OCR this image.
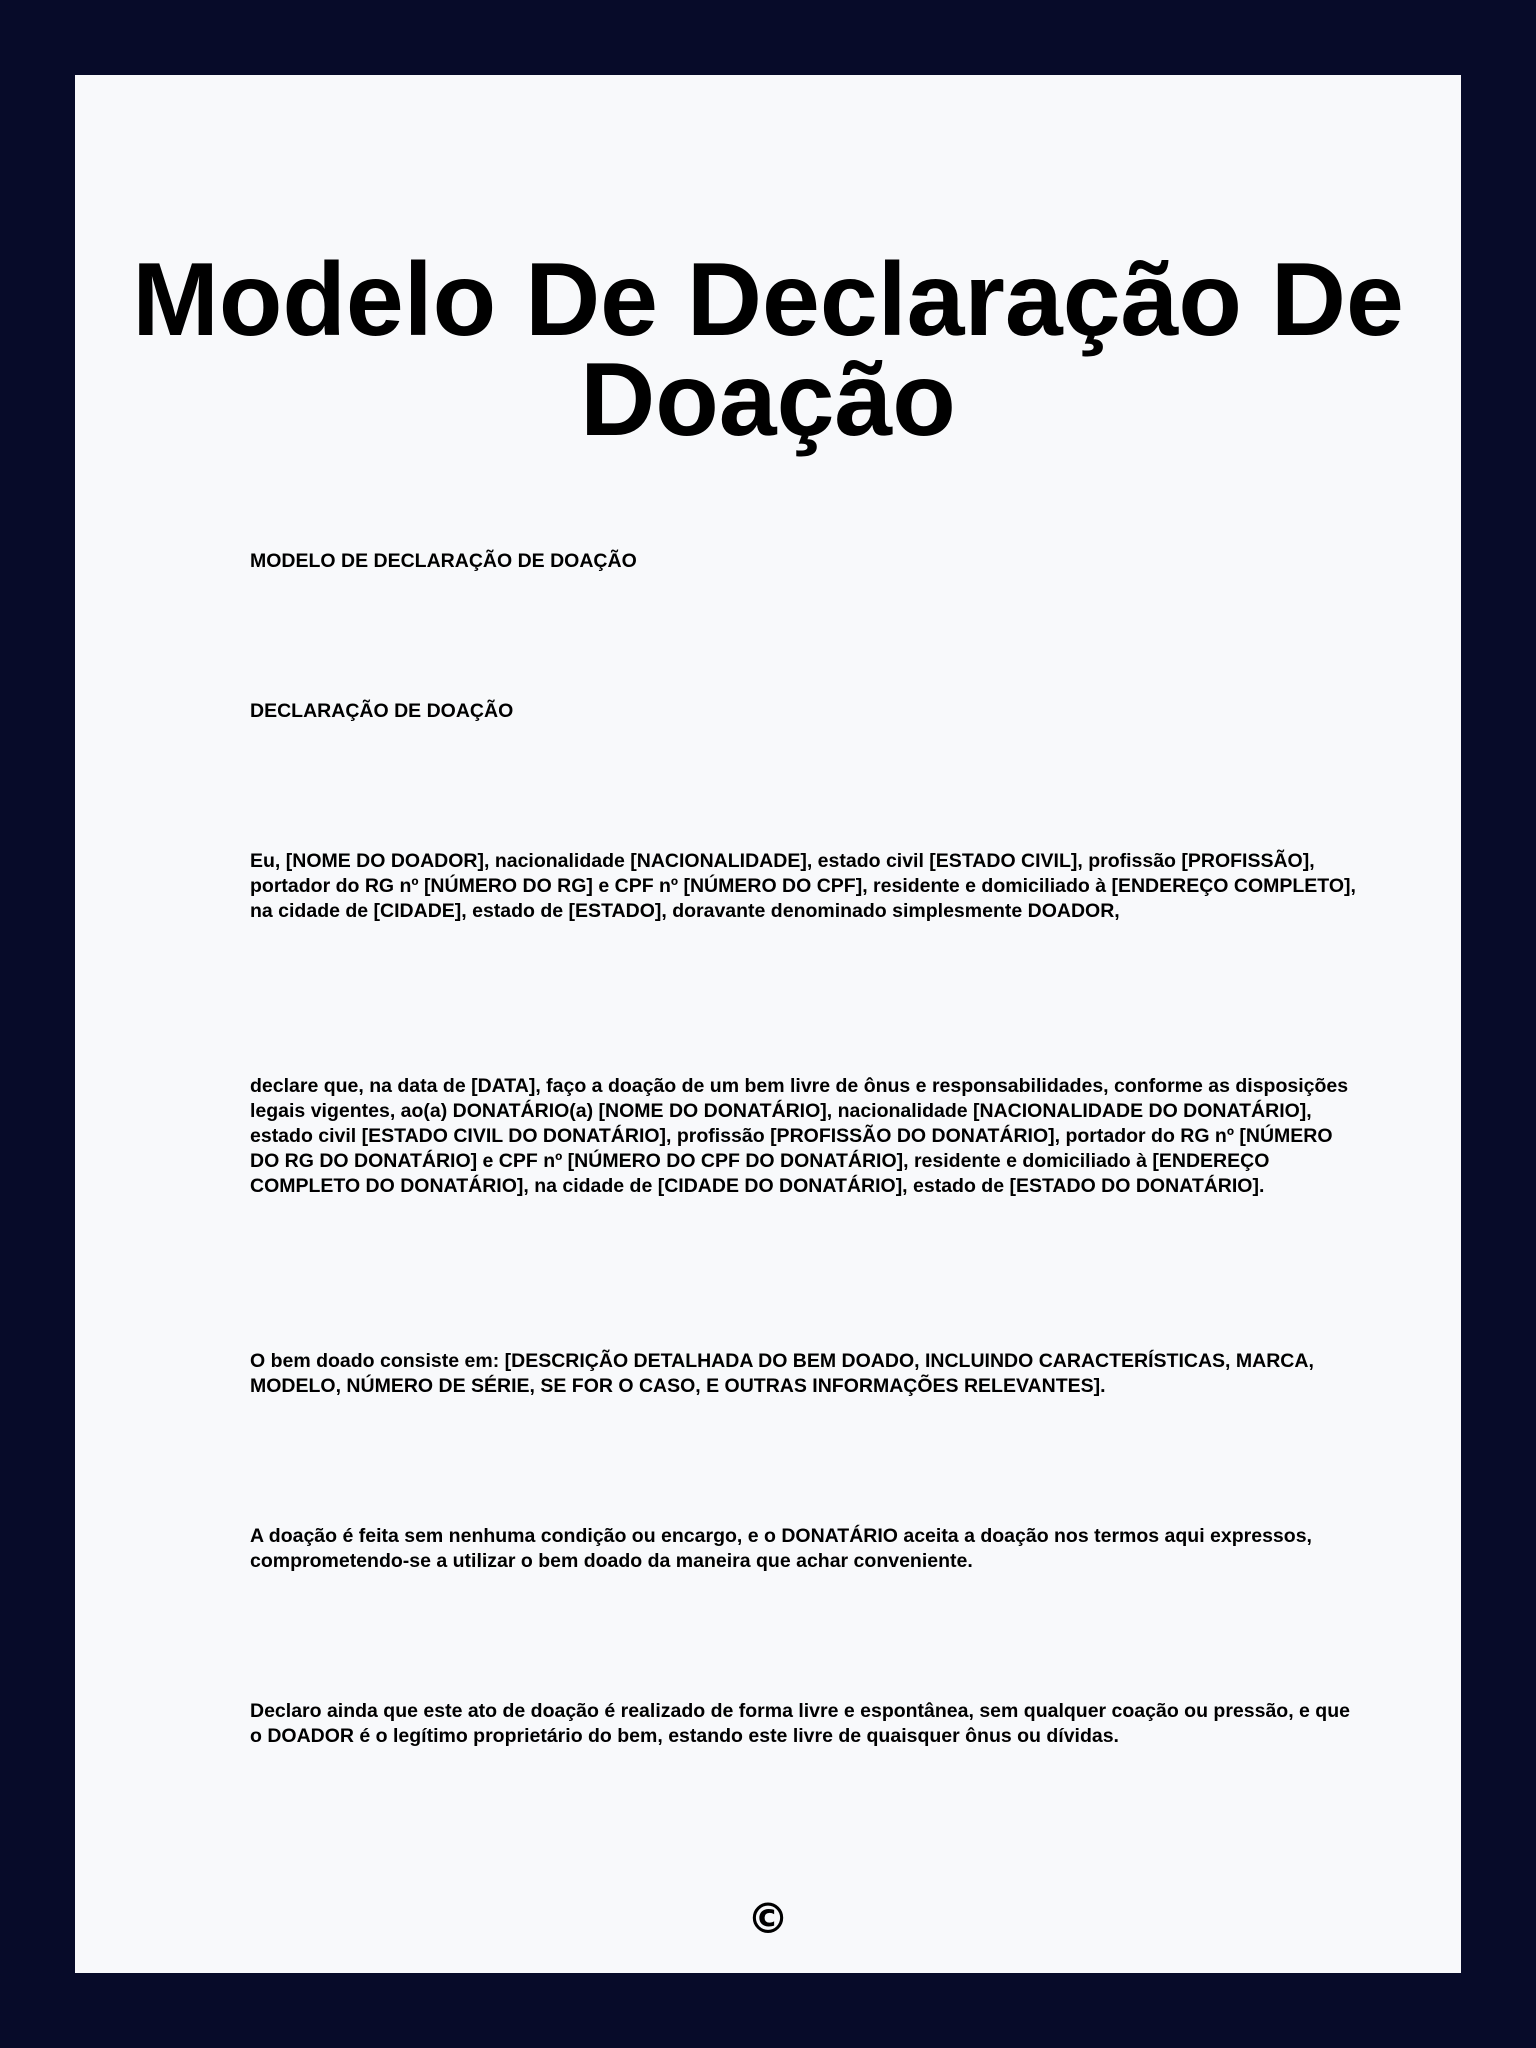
Modelo De Declaração De Doação

MODELO DE DECLARAÇÃO DE DOAÇÃO

DECLARAÇÃO DE DOAÇÃO

Eu, [NOME DO DOADOR], nacionalidade [NACIONALIDADE], estado civil [ESTADO CIVIL], profissão [PROFISSÃO], portador do RG nº [NÚMERO DO RG] e CPF nº [NÚMERO DO CPF], residente e domiciliado à [ENDEREÇO COMPLETO], na cidade de [CIDADE], estado de [ESTADO], doravante denominado simplesmente DOADOR,

declare que, na data de [DATA], faço a doação de um bem livre de ônus e responsabilidades, conforme as disposições legais vigentes, ao(a) DONATÁRIO(a) [NOME DO DONATÁRIO], nacionalidade [NACIONALIDADE DO DONATÁRIO], estado civil [ESTADO CIVIL DO DONATÁRIO], profissão [PROFISSÃO DO DONATÁRIO], portador do RG nº [NÚMERO DO RG DO DONATÁRIO] e CPF nº [NÚMERO DO CPF DO DONATÁRIO], residente e domiciliado à [ENDEREÇO COMPLETO DO DONATÁRIO], na cidade de [CIDADE DO DONATÁRIO], estado de [ESTADO DO DONATÁRIO].

O bem doado consiste em: [DESCRIÇÃO DETALHADA DO BEM DOADO, INCLUINDO CARACTERÍSTICAS, MARCA, MODELO, NÚMERO DE SÉRIE, SE FOR O CASO, E OUTRAS INFORMAÇÕES RELEVANTES].

A doação é feita sem nenhuma condição ou encargo, e o DONATÁRIO aceita a doação nos termos aqui expressos, comprometendo-se a utilizar o bem doado da maneira que achar conveniente.

Declaro ainda que este ato de doação é realizado de forma livre e espontânea, sem qualquer coação ou pressão, e que o DOADOR é o legítimo proprietário do bem, estando este livre de quaisquer ônus ou dívidas.

©
